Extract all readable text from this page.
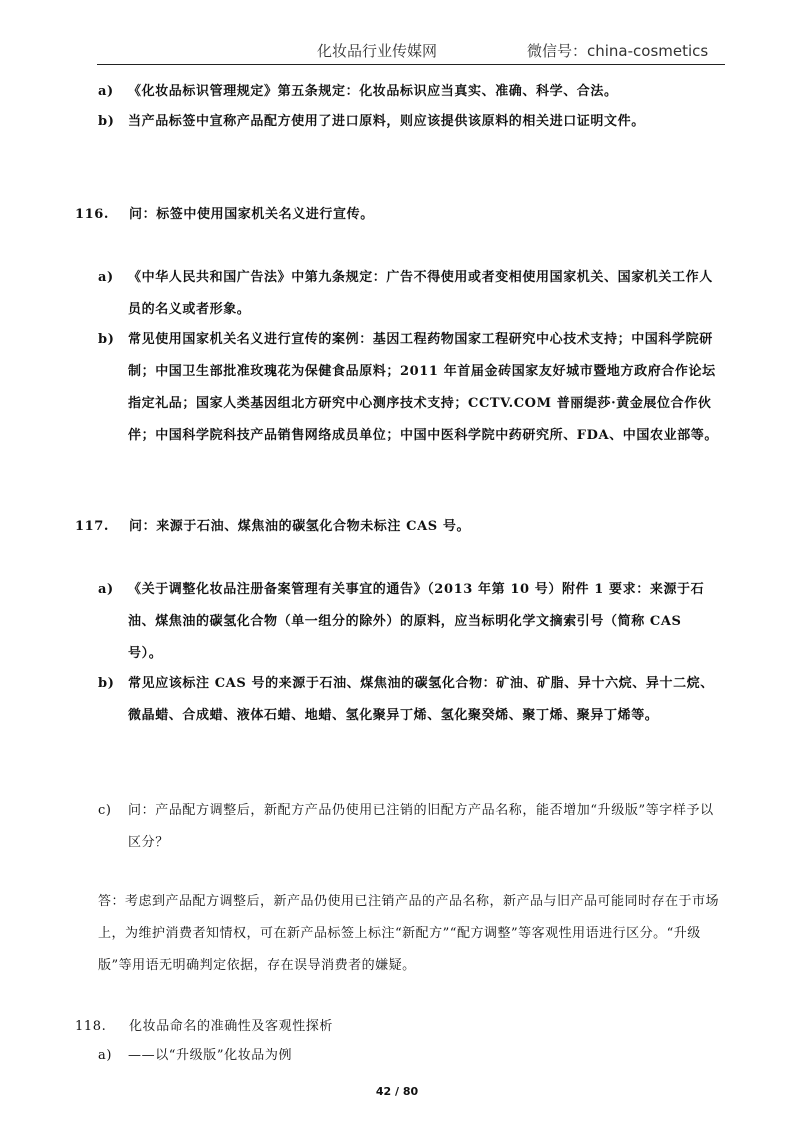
化妆品行业传媒网	微信号：china-cosmetics
a)	《化妆品标识管理规定》第五条规定：化妆品标识应当真实、准确、科学、合法。
b)	当产品标签中宣称产品配方使用了进口原料，则应该提供该原料的相关进口证明文件。
116.	问：标签中使用国家机关名义进行宣传。
a)	《中华人民共和国广告法》中第九条规定：广告不得使用或者变相使用国家机关、国家机关工作人员的名义或者形象。
b)	常见使用国家机关名义进行宣传的案例：基因工程药物国家工程研究中心技术支持；中国科学院研制；中国卫生部批准玫瑰花为保健食品原料；2011 年首届金砖国家友好城市暨地方政府合作论坛指定礼品；国家人类基因组北方研究中心测序技术支持；CCTV.COM 普丽缇莎·黄金展位合作伙伴；中国科学院科技产品销售网络成员单位；中国中医科学院中药研究所、FDA、中国农业部等。
117.	问：来源于石油、煤焦油的碳氢化合物未标注 CAS 号。
a)	《关于调整化妆品注册备案管理有关事宜的通告》（2013 年第 10 号）附件 1 要求：来源于石油、煤焦油的碳氢化合物（单一组分的除外）的原料，应当标明化学文摘索引号（简称 CAS 号）。
b)	常见应该标注 CAS 号的来源于石油、煤焦油的碳氢化合物：矿油、矿脂、异十六烷、异十二烷、微晶蜡、合成蜡、液体石蜡、地蜡、氢化聚异丁烯、氢化聚癸烯、聚丁烯、聚异丁烯等。
c)	问：产品配方调整后，新配方产品仍使用已注销的旧配方产品名称，能否增加“升级版”等字样予以区分？
答：考虑到产品配方调整后，新产品仍使用已注销产品的产品名称，新产品与旧产品可能同时存在于市场上，为维护消费者知情权，可在新产品标签上标注“新配方”“配方调整”等客观性用语进行区分。“升级版”等用语无明确判定依据，存在误导消费者的嫌疑。
118.	化妆品命名的准确性及客观性探析
a)	——以“升级版”化妆品为例
42 / 80
